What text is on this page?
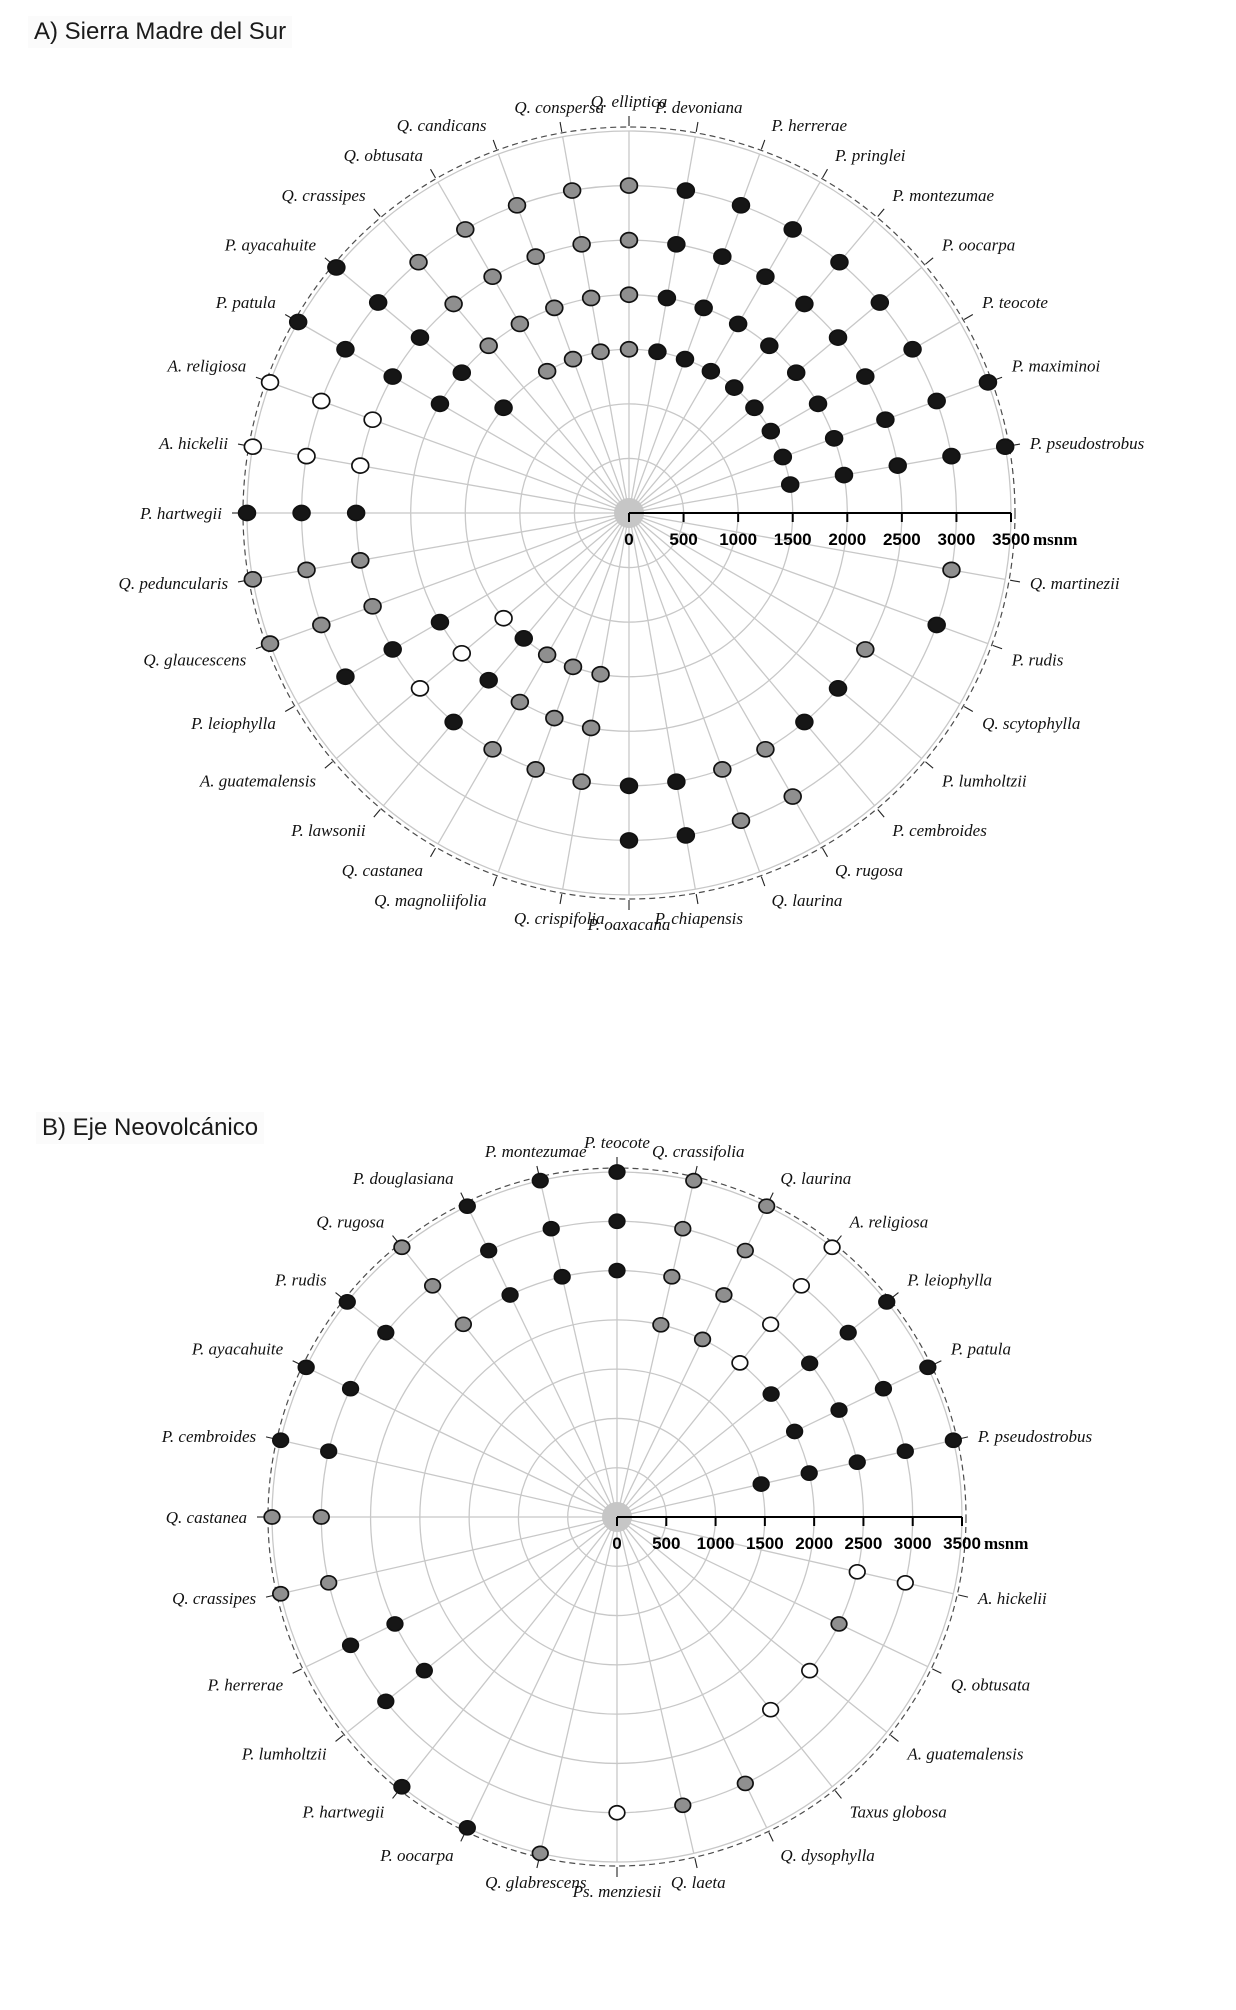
A) Sierra Madre del Sur
B) Eje Neovolcánico
0 500 1000 1500 2000 2500 3000 3500 msnm
P. pseudostrobus
P. maximinoi
P. teocote
P. oocarpa
P. montezumae
P. pringlei
P. herrerae
P. devoniana
Q. elliptica
Q. conspersa
Q. candicans
Q. obtusata
Q. crassipes
P. ayacahuite
P. patula
A. religiosa
A. hickelii
P. hartwegii
Q. peduncularis
Q. glaucescens
P. leiophylla
A. guatemalensis
P. lawsonii
Q. castanea
Q. magnoliifolia
Q. crispifolia
P. oaxacana
P. chiapensis
Q. laurina
Q. rugosa
P. cembroides
P. lumholtzii
Q. scytophylla
P. rudis
Q. martinezii
0 500 1000 1500 2000 2500 3000 3500 msnm
P. pseudostrobus
P. patula
P. leiophylla
A. religiosa
Q. laurina
Q. crassifolia
P. teocote
P. montezumae
P. douglasiana
Q. rugosa
P. rudis
P. ayacahuite
P. cembroides
Q. castanea
Q. crassipes
P. herrerae
P. lumholtzii
P. hartwegii
P. oocarpa
Q. glabrescens
Ps. menziesii Q. laeta
Q. dysophylla
Taxus globosa
A. guatemalensis
Q. obtusata
A. hickelii
